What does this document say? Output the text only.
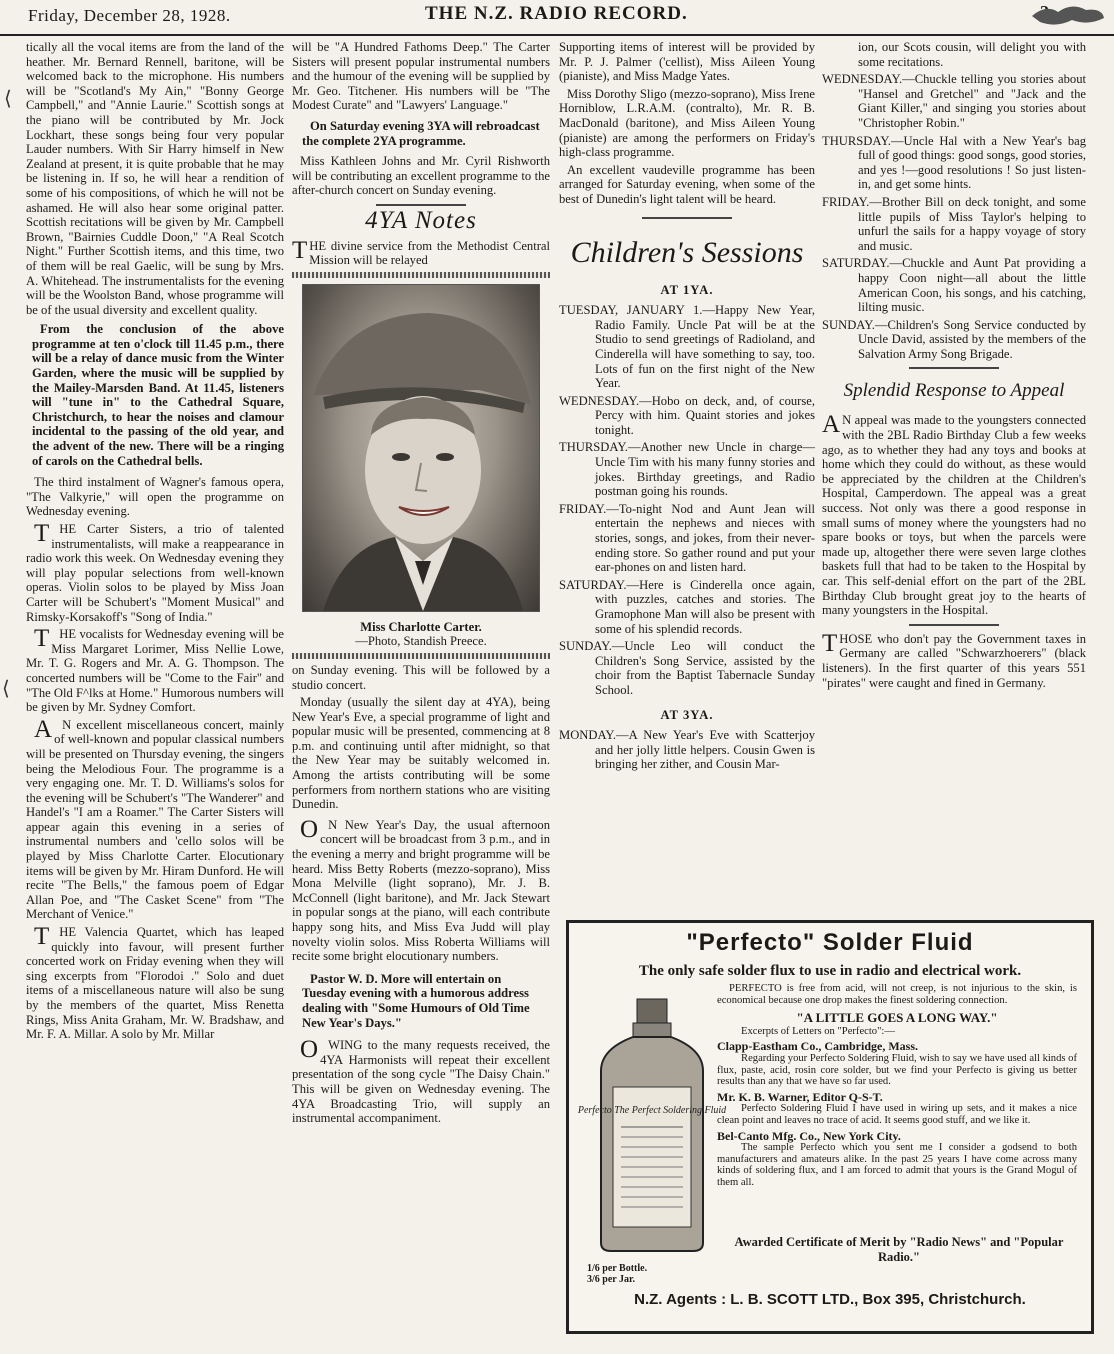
Friday, December 28, 1928.	THE N.Z. RADIO RECORD.

tically all the vocal items are from the land of the heather. Mr. Bernard Rennell, baritone, will be welcomed back to the microphone. His numbers will be "Scotland's My Ain," "Bonny George Campbell," and "Annie Laurie." Scottish songs at the piano will be contributed by Mr. Jock Lockhart, these songs being four very popular Lauder numbers. With Sir Harry himself in New Zealand at present, it is quite probable that he may be listening in. If so, he will hear a rendition of some of his compositions, of which he will not be ashamed. He will also hear some original patter. Scottish recitations will be given by Mr. Campbell Brown, "Bairnies Cuddle Doon," "A Real Scotch Night." Further Scottish items, and this time, two of them will be real Gaelic, will be sung by Mrs. A. Whitehead. The instrumentalists for the evening will be the Woolston Band, whose programme will be of the usual diversity and excellent quality.

From the conclusion of the above programme at ten o'clock till 11.45 p.m., there will be a relay of dance music from the Winter Garden, where the music will be supplied by the Mailey-Marsden Band. At 11.45, listeners will "tune in" to the Cathedral Square, Christchurch, to hear the noises and clamour incidental to the passing of the old year, and the advent of the new. There will be a ringing of carols on the Cathedral bells.

The third instalment of Wagner's famous opera, "The Valkyrie," will open the programme on Wednesday evening.

THE Carter Sisters, a trio of talented instrumentalists, will make a reappearance in radio work this week. On Wednesday evening they will play popular selections from well-known operas. Violin solos to be played by Miss Joan Carter will be Schubert's "Moment Musical" and Rimsky-Korsakoff's "Song of India."

THE vocalists for Wednesday evening will be Miss Margaret Lorimer, Miss Nellie Lowe, Mr. T. G. Rogers and Mr. A. G. Thompson. The concerted numbers will be "Come to the Fair" and "The Old F^lks at Home." Humorous numbers will be given by Mr. Sydney Comfort.

AN excellent miscellaneous concert, mainly of well-known and popular classical numbers will be presented on Thursday evening, the singers being the Melodious Four. The programme is a very engaging one. Mr. T. D. Williams's solos for the evening will be Schubert's "The Wanderer" and Handel's "I am a Roamer." The Carter Sisters will appear again this evening in a series of instrumental numbers and 'cello solos will be played by Miss Charlotte Carter. Elocutionary items will be given by Mr. Hiram Dunford. He will recite "The Bells," the famous poem of Edgar Allan Poe, and "The Casket Scene" from "The Merchant of Venice."

THE Valencia Quartet, which has leaped quickly into favour, will present further concerted work on Friday evening when they will sing excerpts from "Florodoi ." Solo and duet items of a miscellaneous nature will also be sung by the members of the quartet, Miss Renetta Rings, Miss Anita Graham, Mr. W. Bradshaw, and Mr. F. A. Millar. A solo by Mr. Millar

will be "A Hundred Fathoms Deep." The Carter Sisters will present popular instrumental numbers and the humour of the evening will be supplied by Mr. Geo. Titchener. His numbers will be "The Modest Curate" and "Lawyers' Language."

On Saturday evening 3YA will rebroadcast the complete 2YA programme.

Miss Kathleen Johns and Mr. Cyril Rishworth will be contributing an excellent programme to the after-church concert on Sunday evening.

4YA Notes

THE divine service from the Methodist Central Mission will be relayed

Miss Charlotte Carter.
—Photo, Standish Preece.

on Sunday evening. This will be followed by a studio concert.

Monday (usually the silent day at 4YA), being New Year's Eve, a special programme of light and popular music will be presented, commencing at 8 p.m. and continuing until after midnight, so that the New Year may be suitably welcomed in. Among the artists contributing will be some performers from northern stations who are visiting Dunedin.

ON New Year's Day, the usual afternoon concert will be broadcast from 3 p.m., and in the evening a merry and bright programme will be heard. Miss Betty Roberts (mezzo-soprano), Miss Mona Melville (light soprano), Mr. J. B. McConnell (light baritone), and Mr. Jack Stewart in popular songs at the piano, will each contribute happy song hits, and Miss Eva Judd will play novelty violin solos. Miss Roberta Williams will recite some bright elocutionary numbers.

Pastor W. D. More will entertain on Tuesday evening with a humorous address dealing with "Some Humours of Old Time New Year's Days."

OWING to the many requests received, the 4YA Harmonists will repeat their excellent presentation of the song cycle "The Daisy Chain." This will be given on Wednesday evening. The 4YA Broadcasting Trio, will supply an instrumental accompaniment.

Supporting items of interest will be provided by Mr. P. J. Palmer ('cellist), Miss Aileen Young (pianiste), and Miss Madge Yates.

Miss Dorothy Sligo (mezzo-soprano), Miss Irene Horniblow, L.R.A.M. (contralto), Mr. R. B. MacDonald (baritone), and Miss Aileen Young (pianiste) are among the performers on Friday's high-class programme.

An excellent vaudeville programme has been arranged for Saturday evening, when some of the best of Dunedin's light talent will be heard.

Children's Sessions
AT 1YA.

TUESDAY, JANUARY 1.—Happy New Year, Radio Family. Uncle Pat will be at the Studio to send greetings of Radioland, and Cinderella will have something to say, too. Lots of fun on the first night of the New Year.

WEDNESDAY.—Hobo on deck, and, of course, Percy with him. Quaint stories and jokes tonight.

THURSDAY.—Another new Uncle in charge—Uncle Tim with his many funny stories and jokes. Birthday greetings, and Radio postman going his rounds.

FRIDAY.—To-night Nod and Aunt Jean will entertain the nephews and nieces with stories, songs, and jokes, from their never-ending store. So gather round and put your ear-phones on and listen hard.

SATURDAY.—Here is Cinderella once again, with puzzles, catches and stories. The Gramophone Man will also be present with some of his splendid records.

SUNDAY.—Uncle Leo will conduct the Children's Song Service, assisted by the choir from the Baptist Tabernacle Sunday School.

AT 3YA.

MONDAY.—A New Year's Eve with Scatterjoy and her jolly little helpers. Cousin Gwen is bringing her zither, and Cousin Mar-

ion, our Scots cousin, will delight you with some recitations.

WEDNESDAY.—Chuckle telling you stories about "Hansel and Gretchel" and "Jack and the Giant Killer," and singing you stories about "Christopher Robin."

THURSDAY.—Uncle Hal with a New Year's bag full of good things: good songs, good stories, and yes !—good resolutions ! So just listen-in, and get some hints.

FRIDAY.—Brother Bill on deck tonight, and some little pupils of Miss Taylor's helping to unfurl the sails for a happy voyage of story and music.

SATURDAY.—Chuckle and Aunt Pat providing a happy Coon night—all about the little American Coon, his songs, and his catching, lilting music.

SUNDAY.—Children's Song Service conducted by Uncle David, assisted by the members of the Salvation Army Song Brigade.

Splendid Response to Appeal

AN appeal was made to the youngsters connected with the 2BL Radio Birthday Club a few weeks ago, as to whether they had any toys and books at home which they could do without, as these would be appreciated by the children at the Children's Hospital, Camperdown. The appeal was a great success. Not only was there a good response in small sums of money where the youngsters had no spare books or toys, but when the parcels were made up, altogether there were seven large clothes baskets full that had to be taken to the Hospital by car. This self-denial effort on the part of the 2BL Birthday Club brought great joy to the hearts of many youngsters in the Hospital.

THOSE who don't pay the Government taxes in Germany are called "Schwarzhoerers" (black listeners). In the first quarter of this years 551 "pirates" were caught and fined in Germany.

"Perfecto" Solder Fluid
The only safe solder flux to use in radio and electrical work.
Perfecto The Perfect Soldering Fluid

PERFECTO is free from acid, will not creep, is not injurious to the skin, is economical because one drop makes the finest soldering connection.

"A LITTLE GOES A LONG WAY."

Excerpts of Letters on "Perfecto":—

Clapp-Eastham Co., Cambridge, Mass.

Regarding your Perfecto Soldering Fluid, wish to say we have used all kinds of flux, paste, acid, rosin core solder, but we find your Perfecto is giving us better results than any that we have so far used.

Mr. K. B. Warner, Editor Q-S-T.

Perfecto Soldering Fluid I have used in wiring up sets, and it makes a nice clean point and leaves no trace of acid. It seems good stuff, and we like it.

Bel-Canto Mfg. Co., New York City.

The sample Perfecto which you sent me I consider a godsend to both manufacturers and amateurs alike. In the past 25 years I have come across many kinds of soldering flux, and I am forced to admit that yours is the Grand Mogul of them all.

Awarded Certificate of Merit by "Radio News" and "Popular Radio."
1/6 per Bottle.
3/6 per Jar.
N.Z. Agents : L. B. SCOTT LTD., Box 395, Christchurch.
⟨
⟨
